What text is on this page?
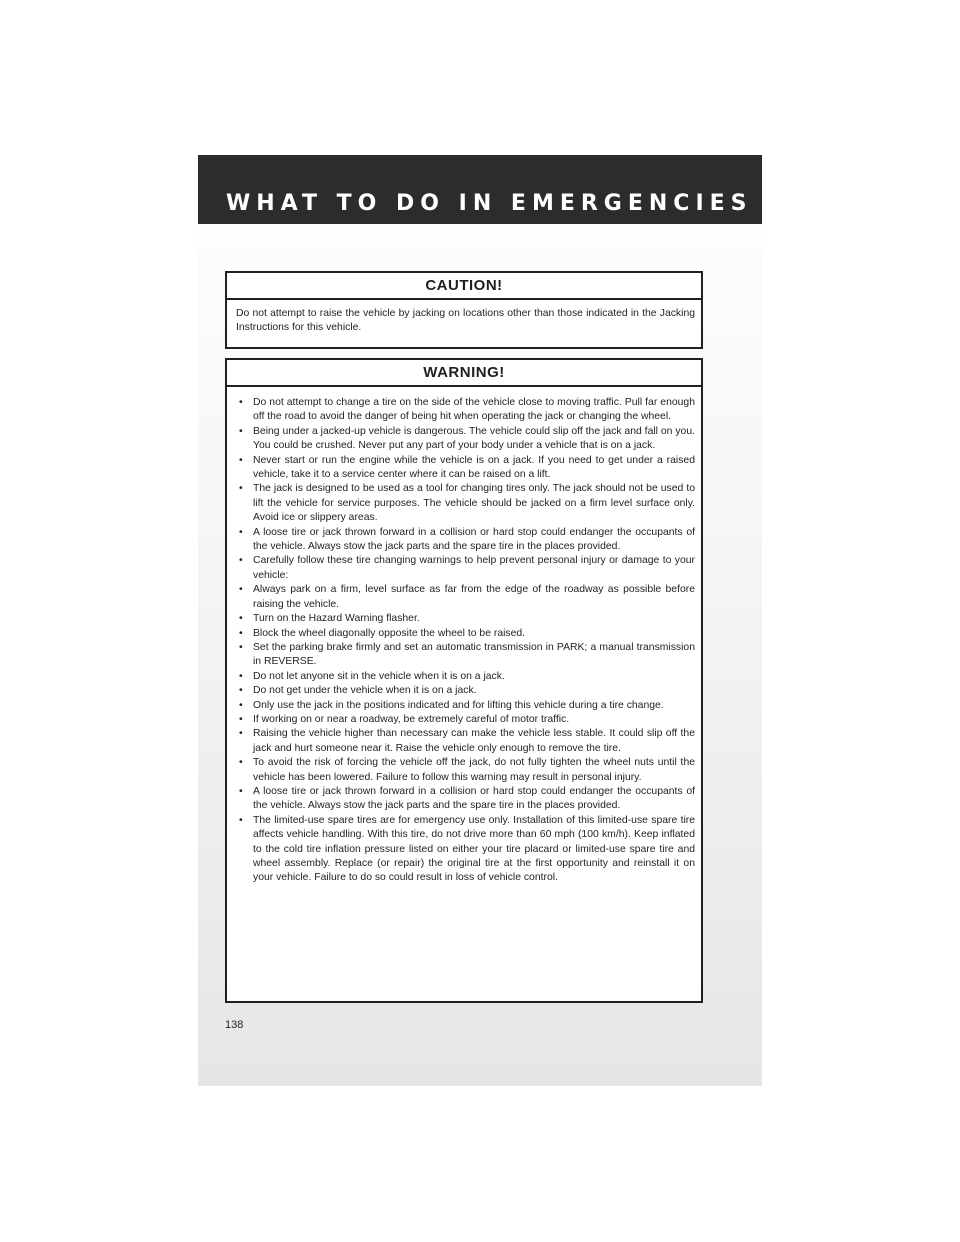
WHAT TO DO IN EMERGENCIES
CAUTION!
Do not attempt to raise the vehicle by jacking on locations other than those indicated in the Jacking Instructions for this vehicle.
WARNING!
• Do not attempt to change a tire on the side of the vehicle close to moving traffic. Pull far enough off the road to avoid the danger of being hit when operating the jack or changing the wheel.
• Being under a jacked-up vehicle is dangerous. The vehicle could slip off the jack and fall on you. You could be crushed. Never put any part of your body under a vehicle that is on a jack.
• Never start or run the engine while the vehicle is on a jack. If you need to get under a raised vehicle, take it to a service center where it can be raised on a lift.
• The jack is designed to be used as a tool for changing tires only. The jack should not be used to lift the vehicle for service purposes. The vehicle should be jacked on a firm level surface only. Avoid ice or slippery areas.
• A loose tire or jack thrown forward in a collision or hard stop could endanger the occupants of the vehicle. Always stow the jack parts and the spare tire in the places provided.
• Carefully follow these tire changing warnings to help prevent personal injury or damage to your vehicle:
• Always park on a firm, level surface as far from the edge of the roadway as possible before raising the vehicle.
• Turn on the Hazard Warning flasher.
• Block the wheel diagonally opposite the wheel to be raised.
• Set the parking brake firmly and set an automatic transmission in PARK; a manual transmission in REVERSE.
• Do not let anyone sit in the vehicle when it is on a jack.
• Do not get under the vehicle when it is on a jack.
• Only use the jack in the positions indicated and for lifting this vehicle during a tire change.
• If working on or near a roadway, be extremely careful of motor traffic.
• Raising the vehicle higher than necessary can make the vehicle less stable. It could slip off the jack and hurt someone near it. Raise the vehicle only enough to remove the tire.
• To avoid the risk of forcing the vehicle off the jack, do not fully tighten the wheel nuts until the vehicle has been lowered. Failure to follow this warning may result in personal injury.
• A loose tire or jack thrown forward in a collision or hard stop could endanger the occupants of the vehicle. Always stow the jack parts and the spare tire in the places provided.
• The limited-use spare tires are for emergency use only. Installation of this limited-use spare tire affects vehicle handling. With this tire, do not drive more than 60 mph (100 km/h). Keep inflated to the cold tire inflation pressure listed on either your tire placard or limited-use spare tire and wheel assembly. Replace (or repair) the original tire at the first opportunity and reinstall it on your vehicle. Failure to do so could result in loss of vehicle control.
138
